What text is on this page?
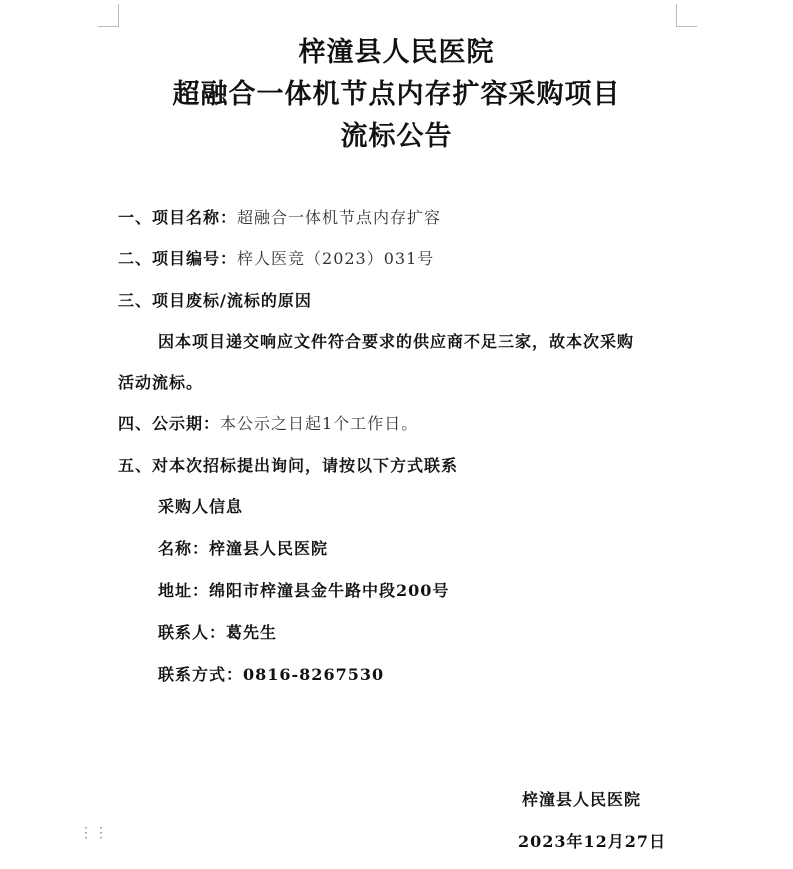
梓潼县人民医院
超融合一体机节点内存扩容采购项目
流标公告
一、项目名称：超融合一体机节点内存扩容
二、项目编号：梓人医竞（2023）031号
三、项目废标/流标的原因
因本项目递交响应文件符合要求的供应商不足三家，故本次采购
活动流标。
四、公示期：本公示之日起1个工作日。
五、对本次招标提出询问，请按以下方式联系
采购人信息
名称：梓潼县人民医院
地址：绵阳市梓潼县金牛路中段200号
联系人：葛先生
联系方式：0816-8267530
梓潼县人民医院
2023年12月27日
⋮⋮
